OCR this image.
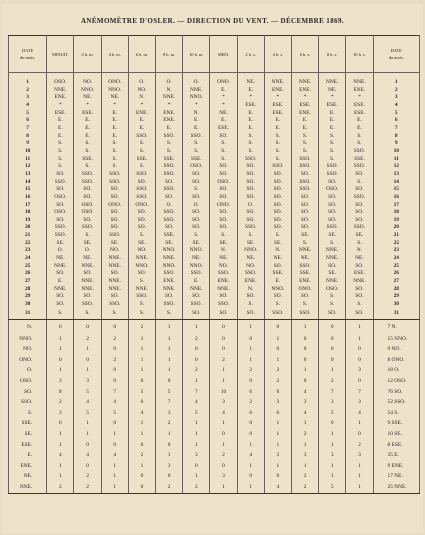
ANÉMOMÈTRE D'OSLER. — DIRECTION DU VENT. — DÉCEMBRE 1869.
DATE
du mois.	MINUIT.	2 h. m.	4 h. m.	6 h. m.	8 h. m.	10 h. m.	MIDI.	2 h. s.	4 h. s.	6 h. s.	8 h. s.	10 h. s.	DATE
du mois.
1	OSO.	NO.	ONO.	O.	O.	O.	ONO.	NE.	NNE.	NNE.	NNE.	NNE.	1
2	NNE.	NNO.	NNO.	NO.	N.	NNE.	E.	E.	ENE.	ENE.	NE.	ENE.	2
3	ENE.	NE.	NE.	N.	NNE.	NNO.	*	*	*	*	*	*	3
4	*	*	*	*	*	*	*	ESE.	ESE.	ESE.	ESE.	ESE.	4
5	ESE.	ESE.	E.	ENE.	ENE.	N.	NE.	E.	ESE.	ENE.	E.	ESE.	5
6	E.	E.	E.	E.	ENE.	E.	E.	E.	E.	E.	E.	E.	6
7	E.	E.	E.	E.	E.	E.	ESE.	E.	E.	E.	E.	E.	7
8	E.	E.	E.	SSO.	SSO.	SSO.	SO.	S.	S.	S.	S.	S.	8
9	S.	S.	S.	S.	S.	S.	S.	S.	S.	S.	S.	S.	9
10	S.	S.	S.	S.	S.	S.	S.	S.	S.	S.	S.	SSO.	10
11	S.	SSE.	S.	SSE.	SSE.	SSE.	S.	SSO.	S.	SSO.	S.	SSE.	11
12	S.	S.	S.	S.	SSO.	OSO.	SO.	SO.	SSO.	SSO.	SSO.	SSO.	12
13	SO.	SSO.	SSO.	SSO.	SSO.	SO.	SO.	SO.	SO.	SO.	SSO.	SO.	13
14	SSO.	SSO.	SSO.	SO.	SO.	SO.	OSO.	SO.	SO.	SSO.	SO.	S.	14
15	SO.	SO.	SO.	SSO.	SSO.	S.	SO.	SO.	SO.	SSO.	OSO.	SO.	15
16	OSO.	SO.	SO.	SSO.	SO.	SO.	SO.	SO.	SO.	SO.	SO.	SSO.	16
17	SO.	OSO.	ONO.	ONO.	O.	O.	ONO.	O.	SO.	SO.	SO.	SO.	17
18	OSO.	OSO.	SO.	SO.	SSO.	SO.	SO.	SO.	SO.	SO.	SO.	SO.	18
19	SO.	SO.	SO.	SO.	SSO.	SO.	SO.	SO.	SO.	SO.	SO.	SO.	19
20	SSO.	SSO.	SO.	SO.	SO.	SO.	SO.	SSO.	SO.	SO.	SSO.	SSO.	20
21	SSO.	S.	SSO.	S.	SSE.	S.	S.	S.	S.	SE.	SE.	SE.	21
22	SE.	SE.	SE.	SE.	SE.	SE.	SE.	SE.	SE.	S.	S.	S.	22
23	O.	O.	NO.	NO.	NNO.	NNO.	N.	NNO.	N.	NNE.	NNE.	N.	23
24	NE.	NE.	NNE.	NNE.	NNE.	NE.	NE.	NE.	NE.	NE.	NNE.	NE.	24
25	NNE.	NNE.	NNE.	NNO.	NNO.	NNO.	NO.	NO.	SO.	SSO.	SO.	SO.	25
26	SO.	SO.	SO.	SO.	SSO.	SSO.	SSO.	SSO.	SSE.	SSE.	SE.	ESE.	26
27	E.	NNE.	NNE.	S.	ENE.	E.	ENE.	ENE.	E.	ENE.	NNE.	NNE.	27
28	NNE.	NNE.	NNE.	NNE.	NNE.	NNE.	NNE.	N.	NNO.	ONO.	OSO.	SO.	28
29	SO.	SO.	SO.	SSO.	SO.	SO.	SO.	SO.	SO.	SO.	S.	SO.	29
30	SO.	SSO.	SSO.	S.	SSO.	SSO.	SSO.	S.	S.	S.	S.	S.	30
31	S.	S.	S.	S.	S.	SO.	SO.	SO.	SSO.	SSO.	SO.	SO.	31
N.	0	0	0	2	1	1	0	1	0	1	0	1	7 N.
NNO.	1	2	2	1	1	2	0	0	1	0	0	1	15 NNO.
NO.	1	1	0	1	1	0	0	1	0	0	0	0	9 NO.
ONO.	0	0	2	1	1	0	2	1	1	0	0	0	8 ONO.
O.	1	1	0	1	1	2	1	2	2	1	1	3	18 O.
OSO.	3	3	0	0	0	1	1	0	2	0	2	0	12 OSO.
SO.	8	5	7	5	5	7	10	6	6	4	7	7	76 SO.
SSO.	2	4	4	6	7	4	3	2	3	3	3	3	52 SSO.
S.	3	5	5	4	3	5	4	6	6	4	5	4	54 S.
SSE.	0	1	0	1	2	1	1	0	1	1	0	1	9 SSE.
SE.	1	1	1	1	1	1	0	0	1	2	1	0	10 SE.
ESE.	1	0	0	0	0	1	1	1	1	1	1	2	8 ESE.
E.	4	4	4	2	1	3	2	4	3	3	3	3	35 E.
ENE.	1	0	1	1	3	0	0	1	1	1	1	1	9 ENE.
NE.	1	2	1	0	0	1	3	0	0	2	1	1	17 NE.
NNE.	2	2	1	0	2	2	1	1	4	2	5	1	25 NNE.
